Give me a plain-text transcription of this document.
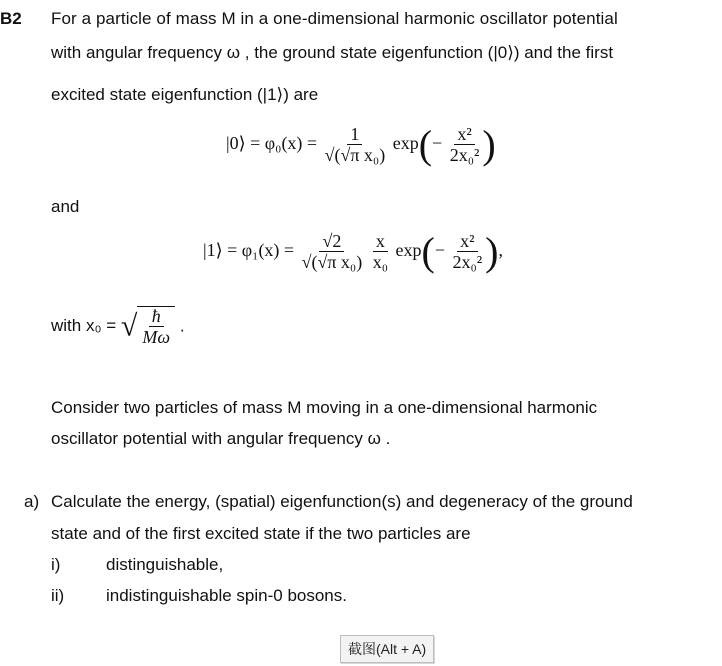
B2 For a particle of mass M in a one-dimensional harmonic oscillator potential
with angular frequency ω , the ground state eigenfunction (|0⟩) and the first
excited state eigenfunction (|1⟩) are
|0⟩ = $\varphi_0(x) = \frac{1}{\text{√(√π x₀)}} \exp(- \frac{\text{x²}}{\text{2x₀²}}$ )
and
|1⟩ = $\varphi_1(x) = \frac{√2}{\text{√(√π x₀)}}$
$\frac{x}{\text{x₀}} \exp(- \frac{\text{x²}}{\text{2x₀²}}$ ),
with x₀ = √ $\frac{ħ}{M\omega}$ .
Consider two particles of mass M moving in a one-dimensional harmonic
oscillator potential with angular frequency ω .
a) Calculate the energy, (spatial) eigenfunction(s) and degeneracy of the ground
state and of the first excited state if the two particles are
i)	distinguishable,
ii) indistinguishable spin-0 bosons.
截图(Alt + A)
